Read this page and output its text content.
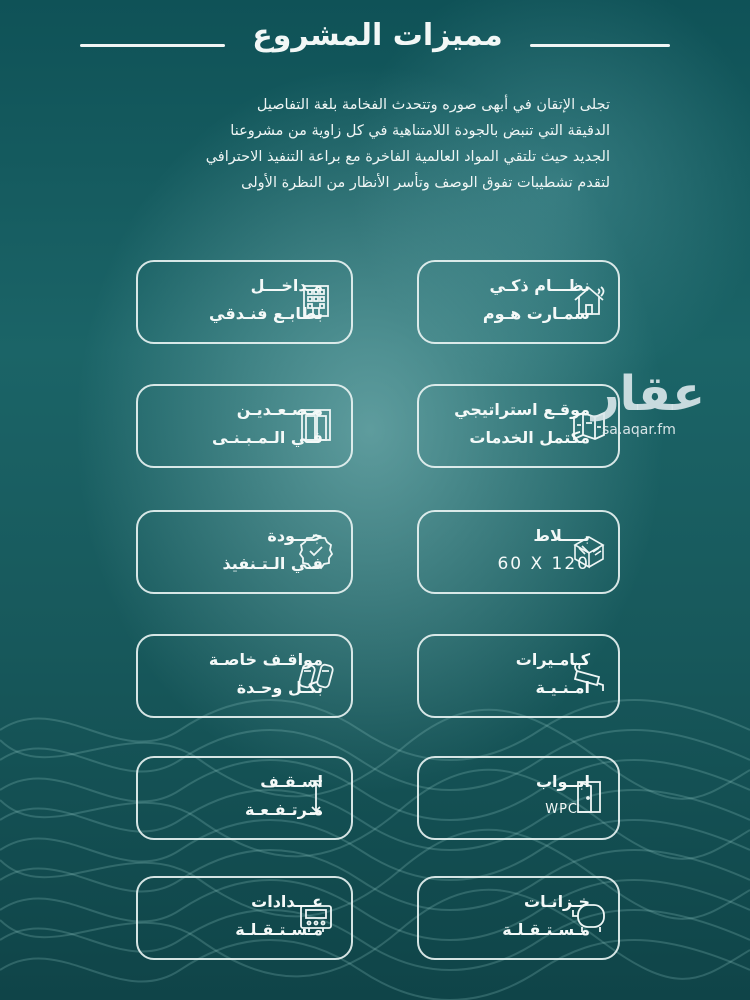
مميزات المشروع

تجلى الإتقان في أبهى صوره وتتحدث الفخامة بلغة التفاصيل

الدقيقة التي تنبض بالجودة اللامتناهية في كل زاوية من مشروعنا

الجديد حيث تلتقي المواد العالمية الفاخرة مع براعة التنفيذ الاحترافي

لتقدم تشطيبات تفوق الوصف وتأسر الأنظار من النظرة الأولى

نظـــام ذكـي
سمـارت هـوم
مـداخـــل
بطابـع فنـدقي
موقـع استراتيجي
مكتمل الخدمات
مـصـعـديـن
فـي الـمـبـنـى
بــــلاط
60 X 120
جـــودة
فـي الـتـنفيذ
كـامـيرات
امـنـيـة
مواقـف خاصـة
بكـل وحـدة
ابــواب
WPC
اسـقـف
مـرتـفـعـة
خـزانـات
مـسـتـقـلـة
عـــدادات
مـسـتـقـلـة
عقار
sa.aqar.fm
